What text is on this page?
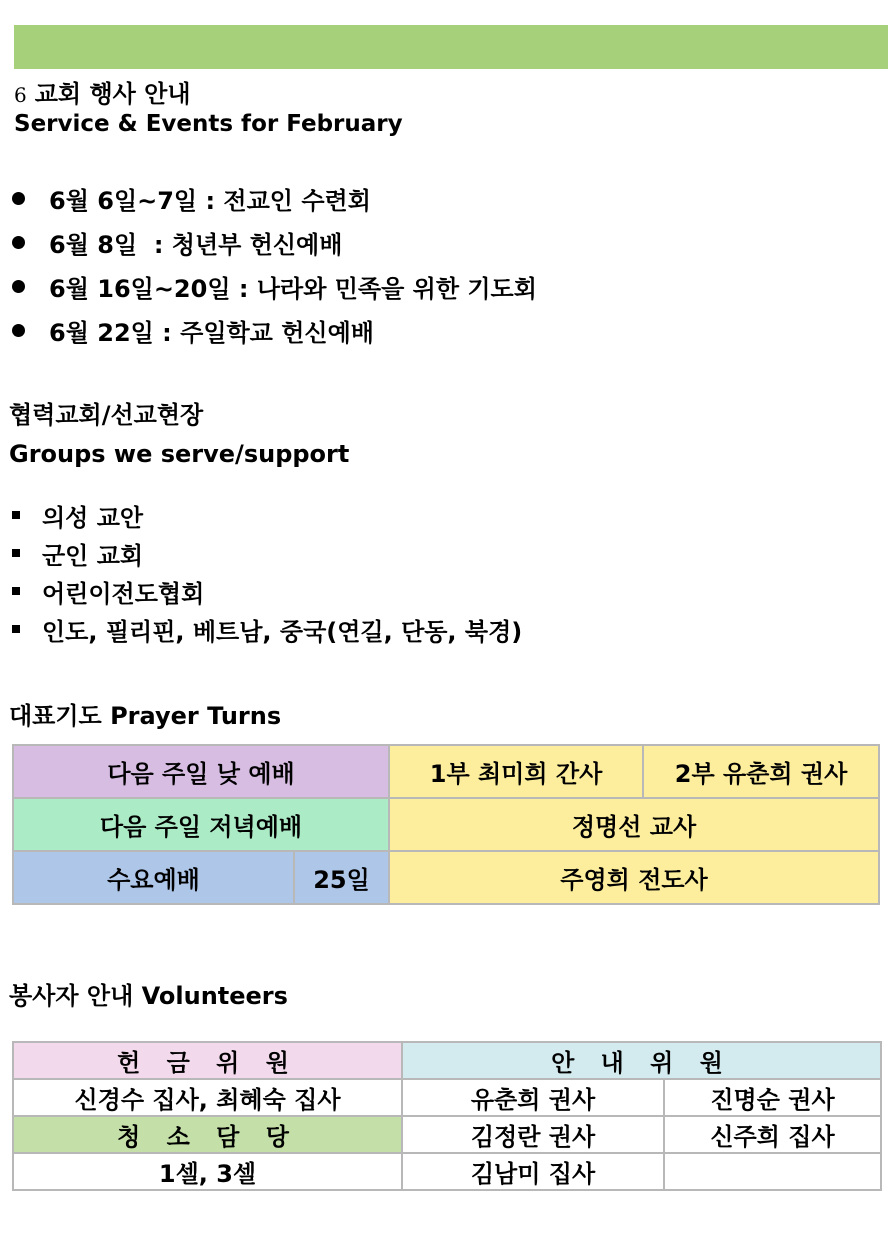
6 교회 행사 안내
Service & Events for February
6월 6일~7일 : 전교인 수련회
6월 8일  : 청년부 헌신예배
6월 16일~20일 : 나라와 민족을 위한 기도회
6월 22일 : 주일학교 헌신예배
협력교회/선교현장
Groups we serve/support
의성 교안
군인 교회
어린이전도협회
인도, 필리핀, 베트남, 중국(연길, 단동, 북경)
대표기도 Prayer Turns
다음 주일 낮 예배		1부 최미희 간사	2부 유춘희 권사
다음 주일 저녁예배		정명선 교사	
수요예배	25일	주영희 전도사	
봉사자 안내 Volunteers
헌 금 위 원	안 내 위 원	
신경수 집사, 최혜숙 집사	유춘희 권사	진명순 권사
청 소 담 당	김정란 권사	신주희 집사
1셀, 3셀	김남미 집사	
